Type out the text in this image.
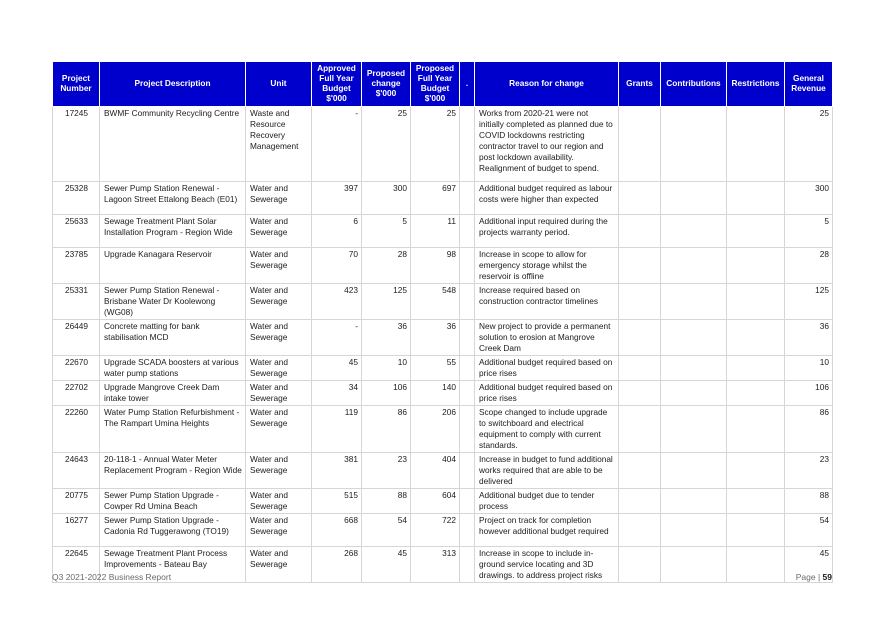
Project Number	Project Description	Unit	Approved Full Year Budget $'000	Proposed change $'000	Proposed Full Year Budget $'000	.	Reason for change	Grants	Contributions	Restrictions	General Revenue
17245	BWMF Community Recycling Centre	Waste and Resource Recovery Management	-	25	25		Works from 2020-21 were not initially completed as planned due to COVID lockdowns restricting contractor travel to our region and post lockdown availability. Realignment of budget to spend.				25
25328	Sewer Pump Station Renewal - Lagoon Street Ettalong Beach (E01)	Water and Sewerage	397	300	697		Additional budget required as labour costs were higher than expected				300
25633	Sewage Treatment Plant Solar Installation Program - Region Wide	Water and Sewerage	6	5	11		Additional input required during the projects warranty period.				5
23785	Upgrade Kanagara Reservoir	Water and Sewerage	70	28	98		Increase in scope to allow for emergency storage whilst the reservoir is offline				28
25331	Sewer Pump Station Renewal - Brisbane Water Dr Koolewong (WG08)	Water and Sewerage	423	125	548		Increase required based on construction contractor timelines				125
26449	Concrete matting for bank stabilisation MCD	Water and Sewerage	-	36	36		New project to provide a permanent solution to erosion at Mangrove Creek Dam				36
22670	Upgrade SCADA boosters at various water pump stations	Water and Sewerage	45	10	55		Additional budget required based on price rises				10
22702	Upgrade Mangrove Creek Dam intake tower	Water and Sewerage	34	106	140		Additional budget required based on price rises				106
22260	Water Pump Station Refurbishment - The Rampart Umina Heights	Water and Sewerage	119	86	206		Scope changed to include upgrade to switchboard and electrical equipment to comply with current standards.				86
24643	20-118-1 - Annual Water Meter Replacement Program - Region Wide	Water and Sewerage	381	23	404		Increase in budget to fund additional works required that are able to be delivered				23
20775	Sewer Pump Station Upgrade - Cowper Rd Umina Beach	Water and Sewerage	515	88	604		Additional budget due to tender process				88
16277	Sewer Pump Station Upgrade - Cadonia Rd Tuggerawong (TO19)	Water and Sewerage	668	54	722		Project on track for completion however additional budget required				54
22645	Sewage Treatment Plant Process Improvements - Bateau Bay	Water and Sewerage	268	45	313		Increase in scope to include in-ground service locating and 3D drawings. to address project risks				45
Q3 2021-2022 Business Report	Page | 59
